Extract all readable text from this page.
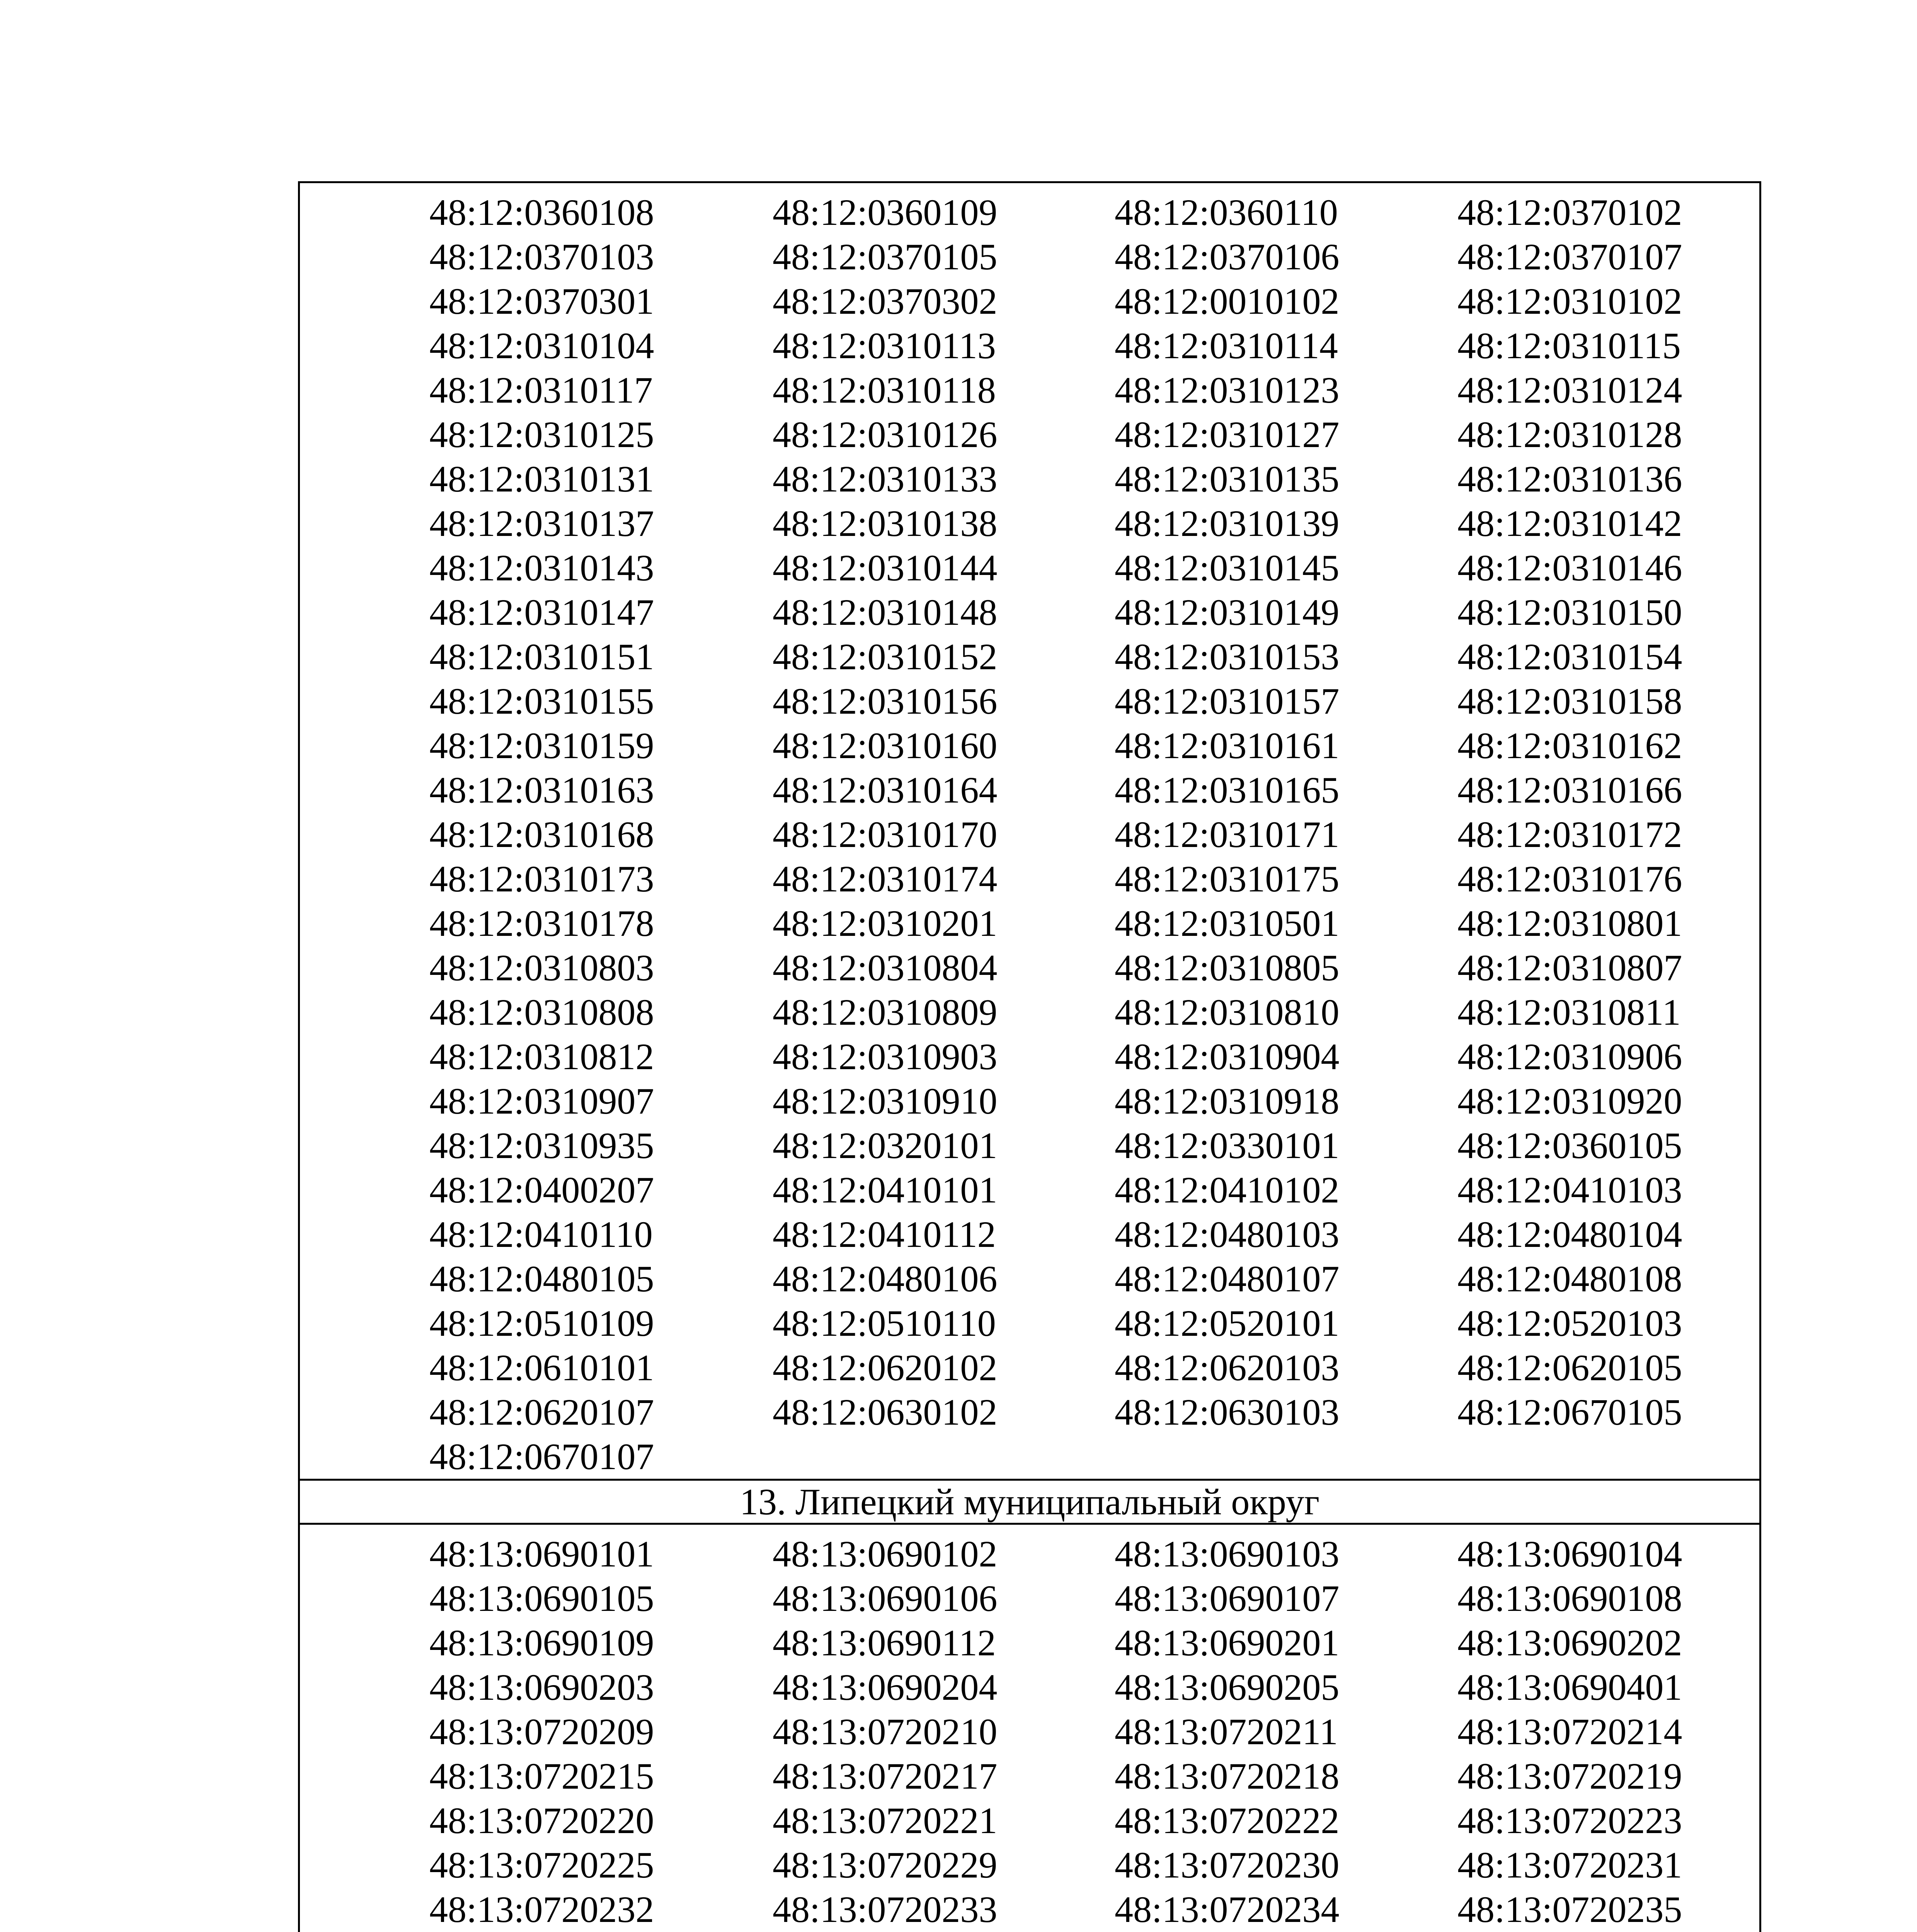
48:12:0360108	48:12:0360109	48:12:0360110	48:12:0370102
48:12:0370103	48:12:0370105	48:12:0370106	48:12:0370107
48:12:0370301	48:12:0370302	48:12:0010102	48:12:0310102
48:12:0310104	48:12:0310113	48:12:0310114	48:12:0310115
48:12:0310117	48:12:0310118	48:12:0310123	48:12:0310124
48:12:0310125	48:12:0310126	48:12:0310127	48:12:0310128
48:12:0310131	48:12:0310133	48:12:0310135	48:12:0310136
48:12:0310137	48:12:0310138	48:12:0310139	48:12:0310142
48:12:0310143	48:12:0310144	48:12:0310145	48:12:0310146
48:12:0310147	48:12:0310148	48:12:0310149	48:12:0310150
48:12:0310151	48:12:0310152	48:12:0310153	48:12:0310154
48:12:0310155	48:12:0310156	48:12:0310157	48:12:0310158
48:12:0310159	48:12:0310160	48:12:0310161	48:12:0310162
48:12:0310163	48:12:0310164	48:12:0310165	48:12:0310166
48:12:0310168	48:12:0310170	48:12:0310171	48:12:0310172
48:12:0310173	48:12:0310174	48:12:0310175	48:12:0310176
48:12:0310178	48:12:0310201	48:12:0310501	48:12:0310801
48:12:0310803	48:12:0310804	48:12:0310805	48:12:0310807
48:12:0310808	48:12:0310809	48:12:0310810	48:12:0310811
48:12:0310812	48:12:0310903	48:12:0310904	48:12:0310906
48:12:0310907	48:12:0310910	48:12:0310918	48:12:0310920
48:12:0310935	48:12:0320101	48:12:0330101	48:12:0360105
48:12:0400207	48:12:0410101	48:12:0410102	48:12:0410103
48:12:0410110	48:12:0410112	48:12:0480103	48:12:0480104
48:12:0480105	48:12:0480106	48:12:0480107	48:12:0480108
48:12:0510109	48:12:0510110	48:12:0520101	48:12:0520103
48:12:0610101	48:12:0620102	48:12:0620103	48:12:0620105
48:12:0620107	48:12:0630102	48:12:0630103	48:12:0670105
48:12:0670107
13. Липецкий муниципальный округ
48:13:0690101	48:13:0690102	48:13:0690103	48:13:0690104
48:13:0690105	48:13:0690106	48:13:0690107	48:13:0690108
48:13:0690109	48:13:0690112	48:13:0690201	48:13:0690202
48:13:0690203	48:13:0690204	48:13:0690205	48:13:0690401
48:13:0720209	48:13:0720210	48:13:0720211	48:13:0720214
48:13:0720215	48:13:0720217	48:13:0720218	48:13:0720219
48:13:0720220	48:13:0720221	48:13:0720222	48:13:0720223
48:13:0720225	48:13:0720229	48:13:0720230	48:13:0720231
48:13:0720232	48:13:0720233	48:13:0720234	48:13:0720235
